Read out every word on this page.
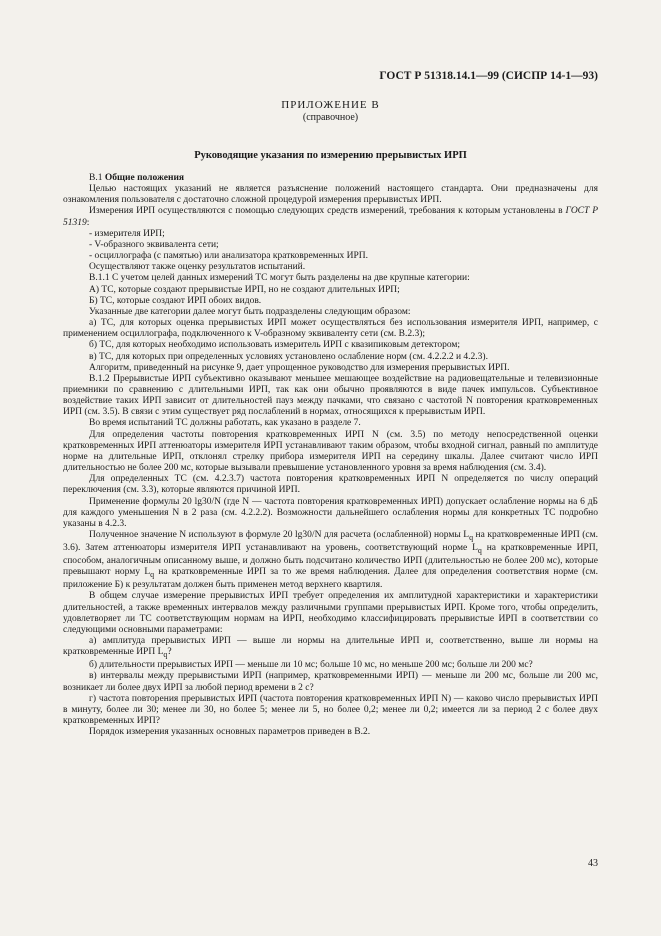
ГОСТ Р 51318.14.1—99 (СИСПР 14-1—93)
ПРИЛОЖЕНИЕ В
(справочное)
Руководящие указания по измерению прерывистых ИРП

В.1 Общие положения

Целью настоящих указаний не является разъяснение положений настоящего стандарта. Они предназначены для ознакомления пользователя с достаточно сложной процедурой измерения прерывистых ИРП.

Измерения ИРП осуществляются с помощью следующих средств измерений, требования к которым установлены в ГОСТ Р 51319:

- измерителя ИРП;

- V-образного эквивалента сети;

- осциллографа (с памятью) или анализатора кратковременных ИРП.

Осуществляют также оценку результатов испытаний.

В.1.1 С учетом целей данных измерений ТС могут быть разделены на две крупные категории:

А) ТС, которые создают прерывистые ИРП, но не создают длительных ИРП;

Б) ТС, которые создают ИРП обоих видов.

Указанные две категории далее могут быть подразделены следующим образом:

а) ТС, для которых оценка прерывистых ИРП может осуществляться без использования измерителя ИРП, например, с применением осциллографа, подключенного к V-образному эквиваленту сети (см. В.2.3);

б) ТС, для которых необходимо использовать измеритель ИРП с квазипиковым детектором;

в) ТС, для которых при определенных условиях установлено ослабление норм (см. 4.2.2.2 и 4.2.3).

Алгоритм, приведенный на рисунке 9, дает упрощенное руководство для измерения прерывистых ИРП.

В.1.2 Прерывистые ИРП субъективно оказывают меньшее мешающее воздействие на радиовещательные и телевизионные приемники по сравнению с длительными ИРП, так как они обычно проявляются в виде пачек импульсов. Субъективное воздействие таких ИРП зависит от длительностей пауз между пачками, что связано с частотой N повторения кратковременных ИРП (см. 3.5). В связи с этим существует ряд послаблений в нормах, относящихся к прерывистым ИРП.

Во время испытаний ТС должны работать, как указано в разделе 7.

Для определения частоты повторения кратковременных ИРП N (см. 3.5) по методу непосредственной оценки кратковременных ИРП аттенюаторы измерителя ИРП устанавливают таким образом, чтобы входной сигнал, равный по амплитуде норме на длительные ИРП, отклонял стрелку прибора измерителя ИРП на середину шкалы. Далее считают число ИРП длительностью не более 200 мс, которые вызывали превышение установленного уровня за время наблюдения (см. 3.4).

Для определенных ТС (см. 4.2.3.7) частота повторения кратковременных ИРП N определяется по числу операций переключения (см. 3.3), которые являются причиной ИРП.

Применение формулы 20 lg30/N (где N — частота повторения кратковременных ИРП) допускает ослабление нормы на 6 дБ для каждого уменьшения N в 2 раза (см. 4.2.2.2). Возможности дальнейшего ослабления нормы для конкретных ТС подробно указаны в 4.2.3.

Полученное значение N используют в формуле 20 lg30/N для расчета (ослабленной) нормы $L_q$ на кратковременные ИРП (см. 3.6). Затем аттенюаторы измерителя ИРП устанавливают на уровень, соответствующий норме $L_q$ на кратковременные ИРП, способом, аналогичным описанному выше, и должно быть подсчитано количество ИРП (длительностью не более 200 мс), которые превышают норму $L_q$ на кратковременные ИРП за то же время наблюдения. Далее для определения соответствия норме (см. приложение Б) к результатам должен быть применен метод верхнего квартиля.

В общем случае измерение прерывистых ИРП требует определения их амплитудной характеристики и характеристики длительностей, а также временных интервалов между различными группами прерывистых ИРП. Кроме того, чтобы определить, удовлетворяет ли ТС соответствующим нормам на ИРП, необходимо классифицировать прерывистые ИРП в соответствии со следующими основными параметрами:

а) амплитуда прерывистых ИРП — выше ли нормы на длительные ИРП и, соответственно, выше ли нормы на кратковременные ИРП $L_q$?

б) длительности прерывистых ИРП — меньше ли 10 мс; больше 10 мс, но меньше 200 мс; больше ли 200 мс?

в) интервалы между прерывистыми ИРП (например, кратковременными ИРП) — меньше ли 200 мс, больше ли 200 мс, возникает ли более двух ИРП за любой период времени в 2 с?

г) частота повторения прерывистых ИРП (частота повторения кратковременных ИРП N) — каково число прерывистых ИРП в минуту, более ли 30; менее ли 30, но более 5; менее ли 5, но более 0,2; менее ли 0,2; имеется ли за период 2 с более двух кратковременных ИРП?

Порядок измерения указанных основных параметров приведен в В.2.

43
